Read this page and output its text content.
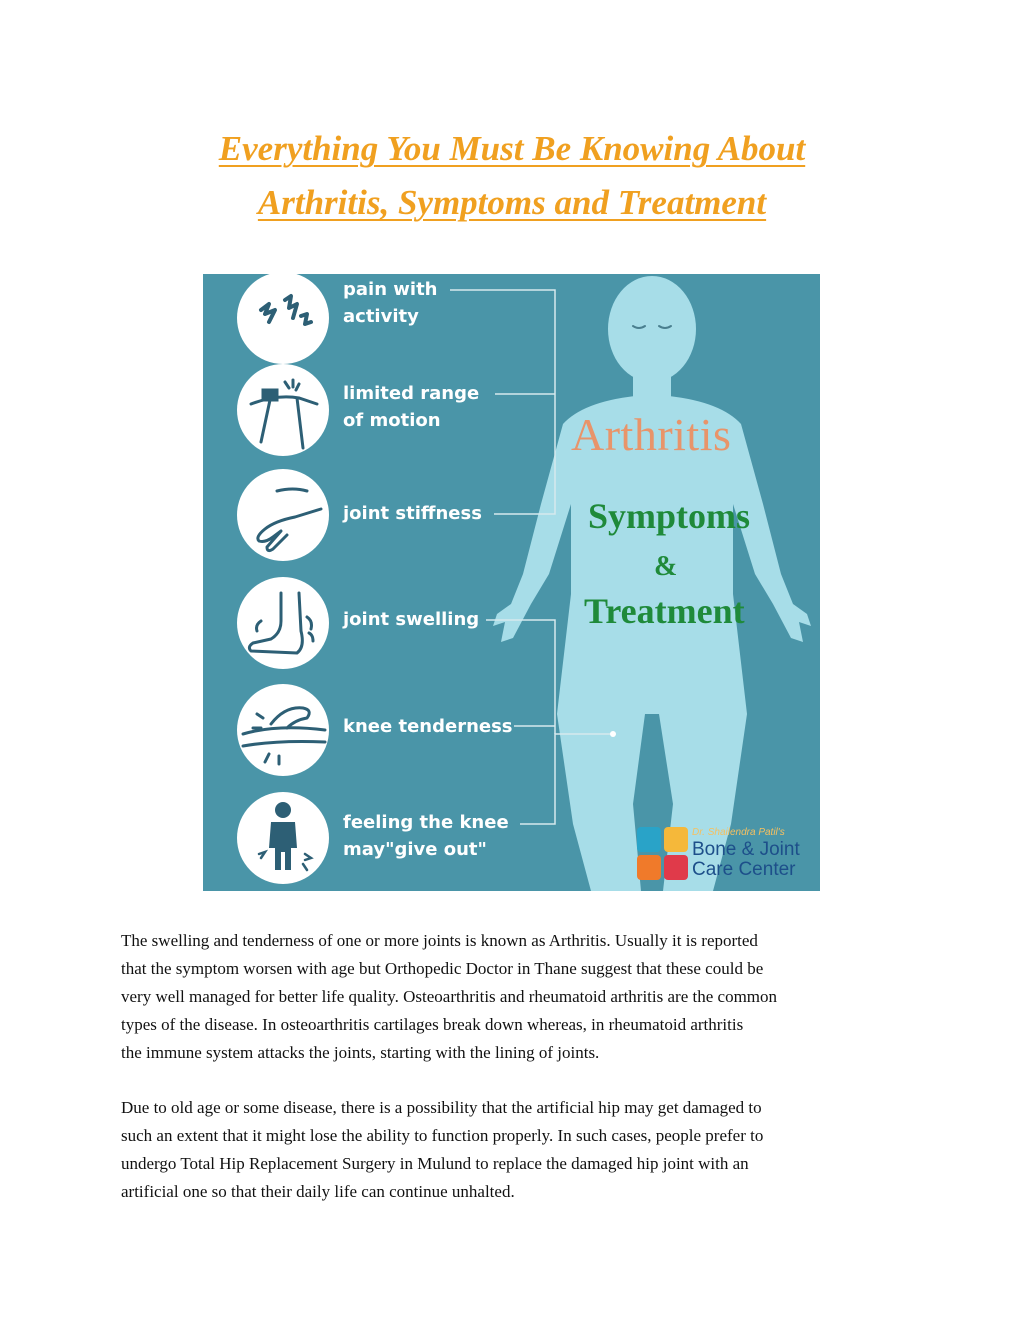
Everything You Must Be Knowing About
Arthritis, Symptoms and Treatment
pain with
activity
limited range
of motion
joint stiffness
joint swelling
knee tenderness
feeling the knee
may"give out"
Arthritis
Symptoms
&
Treatment
Dr. Shailendra Patil's
Bone & Joint
Care Center

The swelling and tenderness of one or more joints is known as Arthritis. Usually it is reported
that the symptom worsen with age but Orthopedic Doctor in Thane suggest that these could be
very well managed for better life quality. Osteoarthritis and rheumatoid arthritis are the common
types of the disease. In osteoarthritis cartilages break down whereas, in rheumatoid arthritis
the immune system attacks the joints, starting with the lining of joints.

Due to old age or some disease, there is a possibility that the artificial hip may get damaged to
such an extent that it might lose the ability to function properly. In such cases, people prefer to
undergo Total Hip Replacement Surgery in Mulund to replace the damaged hip joint with an
artificial one so that their daily life can continue unhalted.
